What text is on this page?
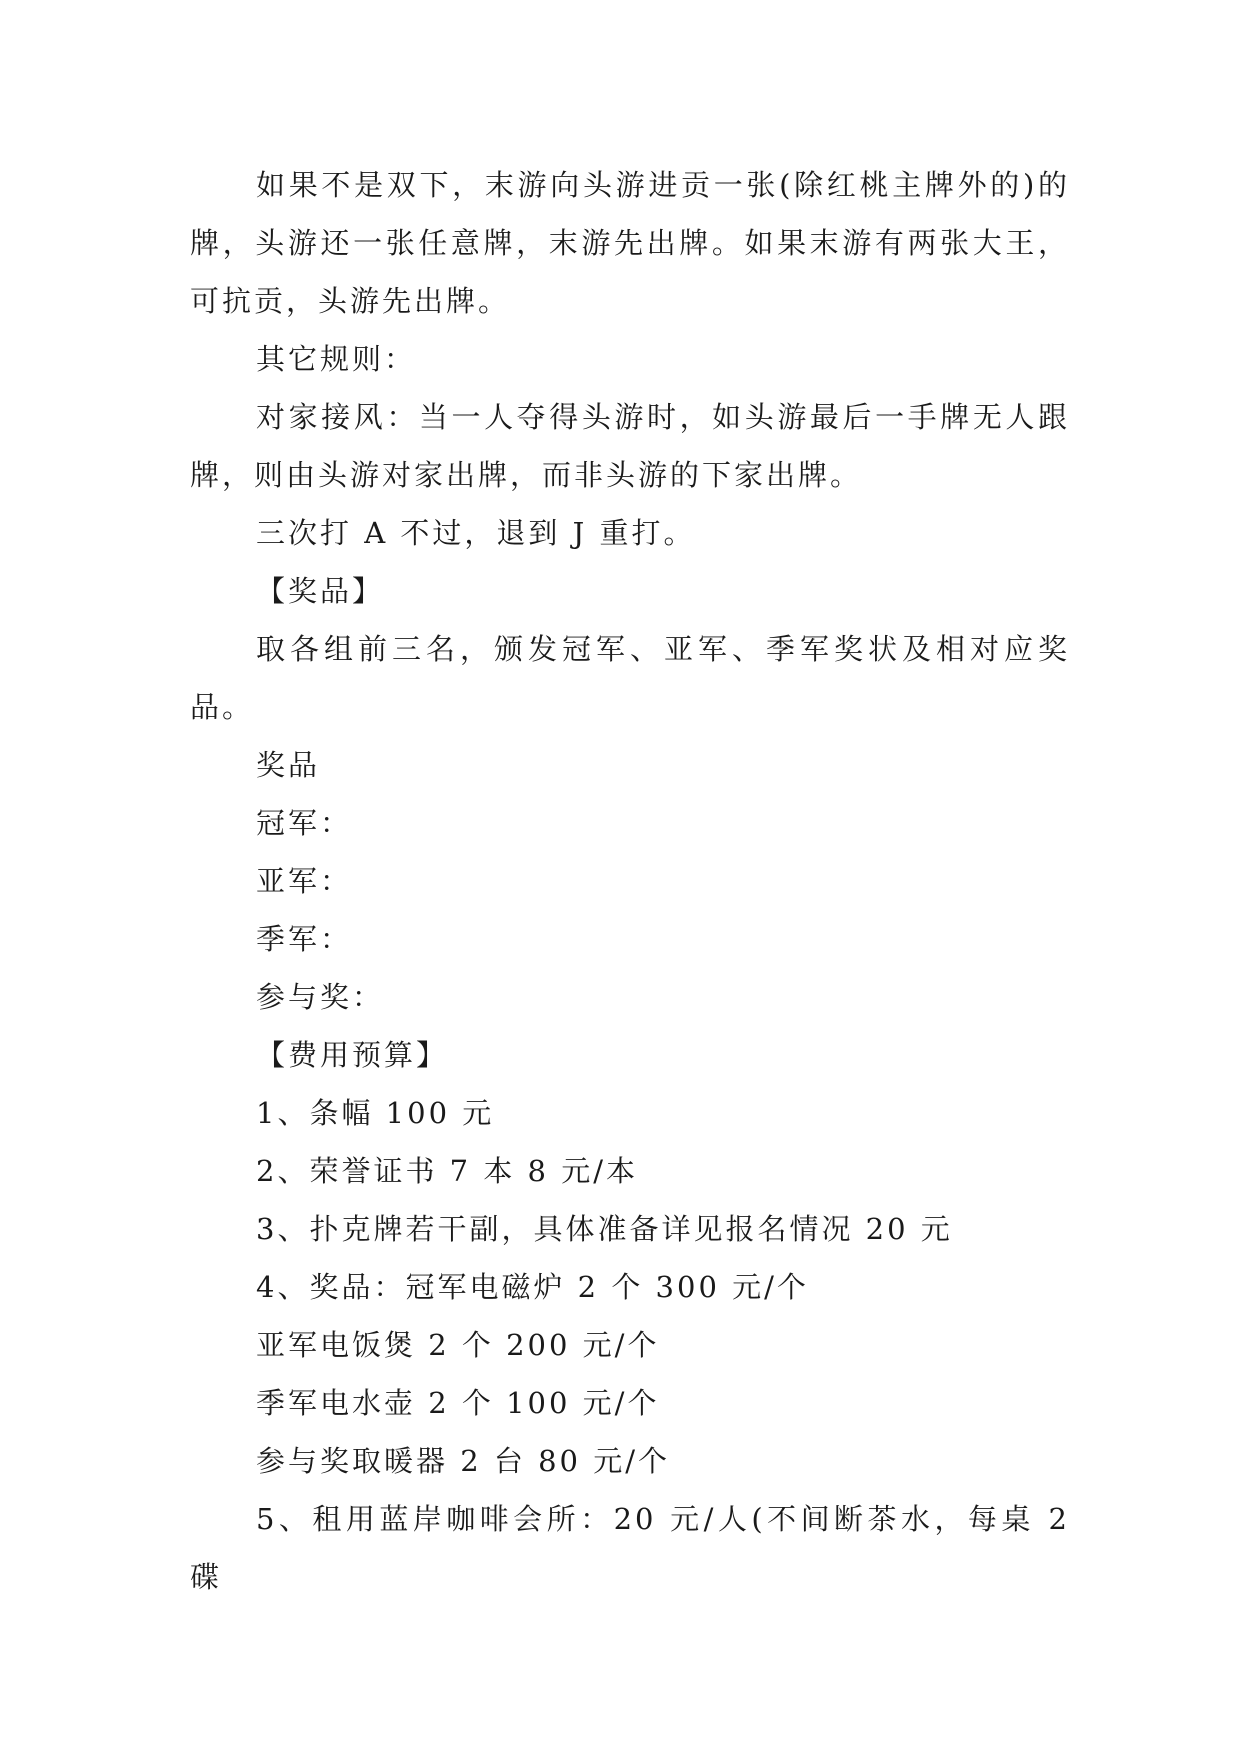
如果不是双下，末游向头游进贡一张(除红桃主牌外的)的牌，头游还一张任意牌，末游先出牌。如果末游有两张大王，可抗贡，头游先出牌。

其它规则：

对家接风：当一人夺得头游时，如头游最后一手牌无人跟牌，则由头游对家出牌，而非头游的下家出牌。

三次打 A 不过，退到 J 重打。

【奖品】

取各组前三名，颁发冠军、亚军、季军奖状及相对应奖品。

奖品

冠军：

亚军：

季军：

参与奖：

【费用预算】

1、条幅 100 元

2、荣誉证书 7 本 8 元/本

3、扑克牌若干副，具体准备详见报名情况 20 元

4、奖品：冠军电磁炉 2 个 300 元/个

亚军电饭煲 2 个 200 元/个

季军电水壶 2 个 100 元/个

参与奖取暖器 2 台 80 元/个

5、租用蓝岸咖啡会所：20 元/人(不间断茶水，每桌 2 碟
